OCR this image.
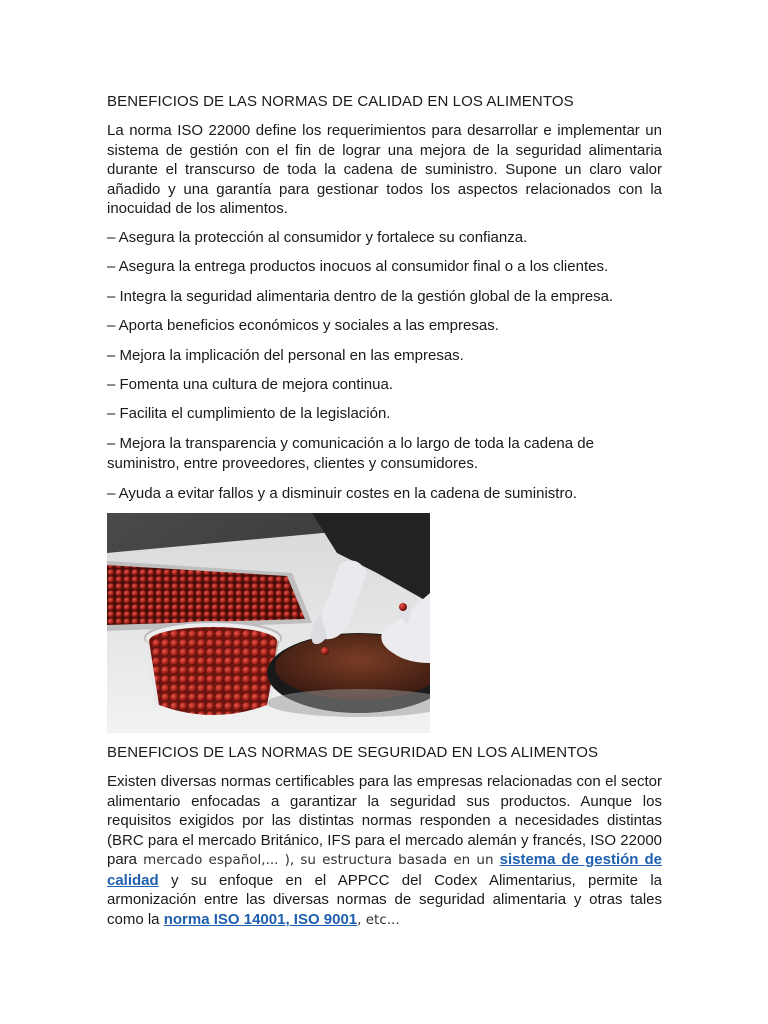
BENEFICIOS DE LAS NORMAS DE CALIDAD EN LOS ALIMENTOS
La norma ISO 22000 define los requerimientos para desarrollar e implementar un sistema de gestión con el fin de lograr una mejora de la seguridad alimentaria durante el transcurso de toda la cadena de suministro. Supone un claro valor añadido y una garantía para gestionar todos los aspectos relacionados con la inocuidad de los alimentos.
– Asegura la protección al consumidor y fortalece su confianza.
– Asegura la entrega productos inocuos al consumidor final o a los clientes.
– Integra la seguridad alimentaria dentro de la gestión global de la empresa.
– Aporta beneficios económicos y sociales a las empresas.
– Mejora la implicación del personal en las empresas.
– Fomenta una cultura de mejora continua.
– Facilita el cumplimiento de la legislación.
– Mejora la transparencia y comunicación a lo largo de toda la cadena de suministro, entre proveedores, clientes y consumidores.
– Ayuda a evitar fallos y a disminuir costes en la cadena de suministro.
BENEFICIOS DE LAS NORMAS DE SEGURIDAD EN LOS ALIMENTOS
Existen diversas normas certificables para las empresas relacionadas con el sector alimentario enfocadas a garantizar la seguridad sus productos. Aunque los requisitos exigidos por las distintas normas responden a necesidades distintas (BRC para el mercado Británico, IFS para el mercado alemán y francés, ISO 22000 para mercado español,... ), su estructura basada en un sistema de gestión de calidad y su enfoque en el APPCC del Codex Alimentarius, permite la armonización entre las diversas normas de seguridad alimentaria y otras tales como la norma ISO 14001, ISO 9001, etc...
